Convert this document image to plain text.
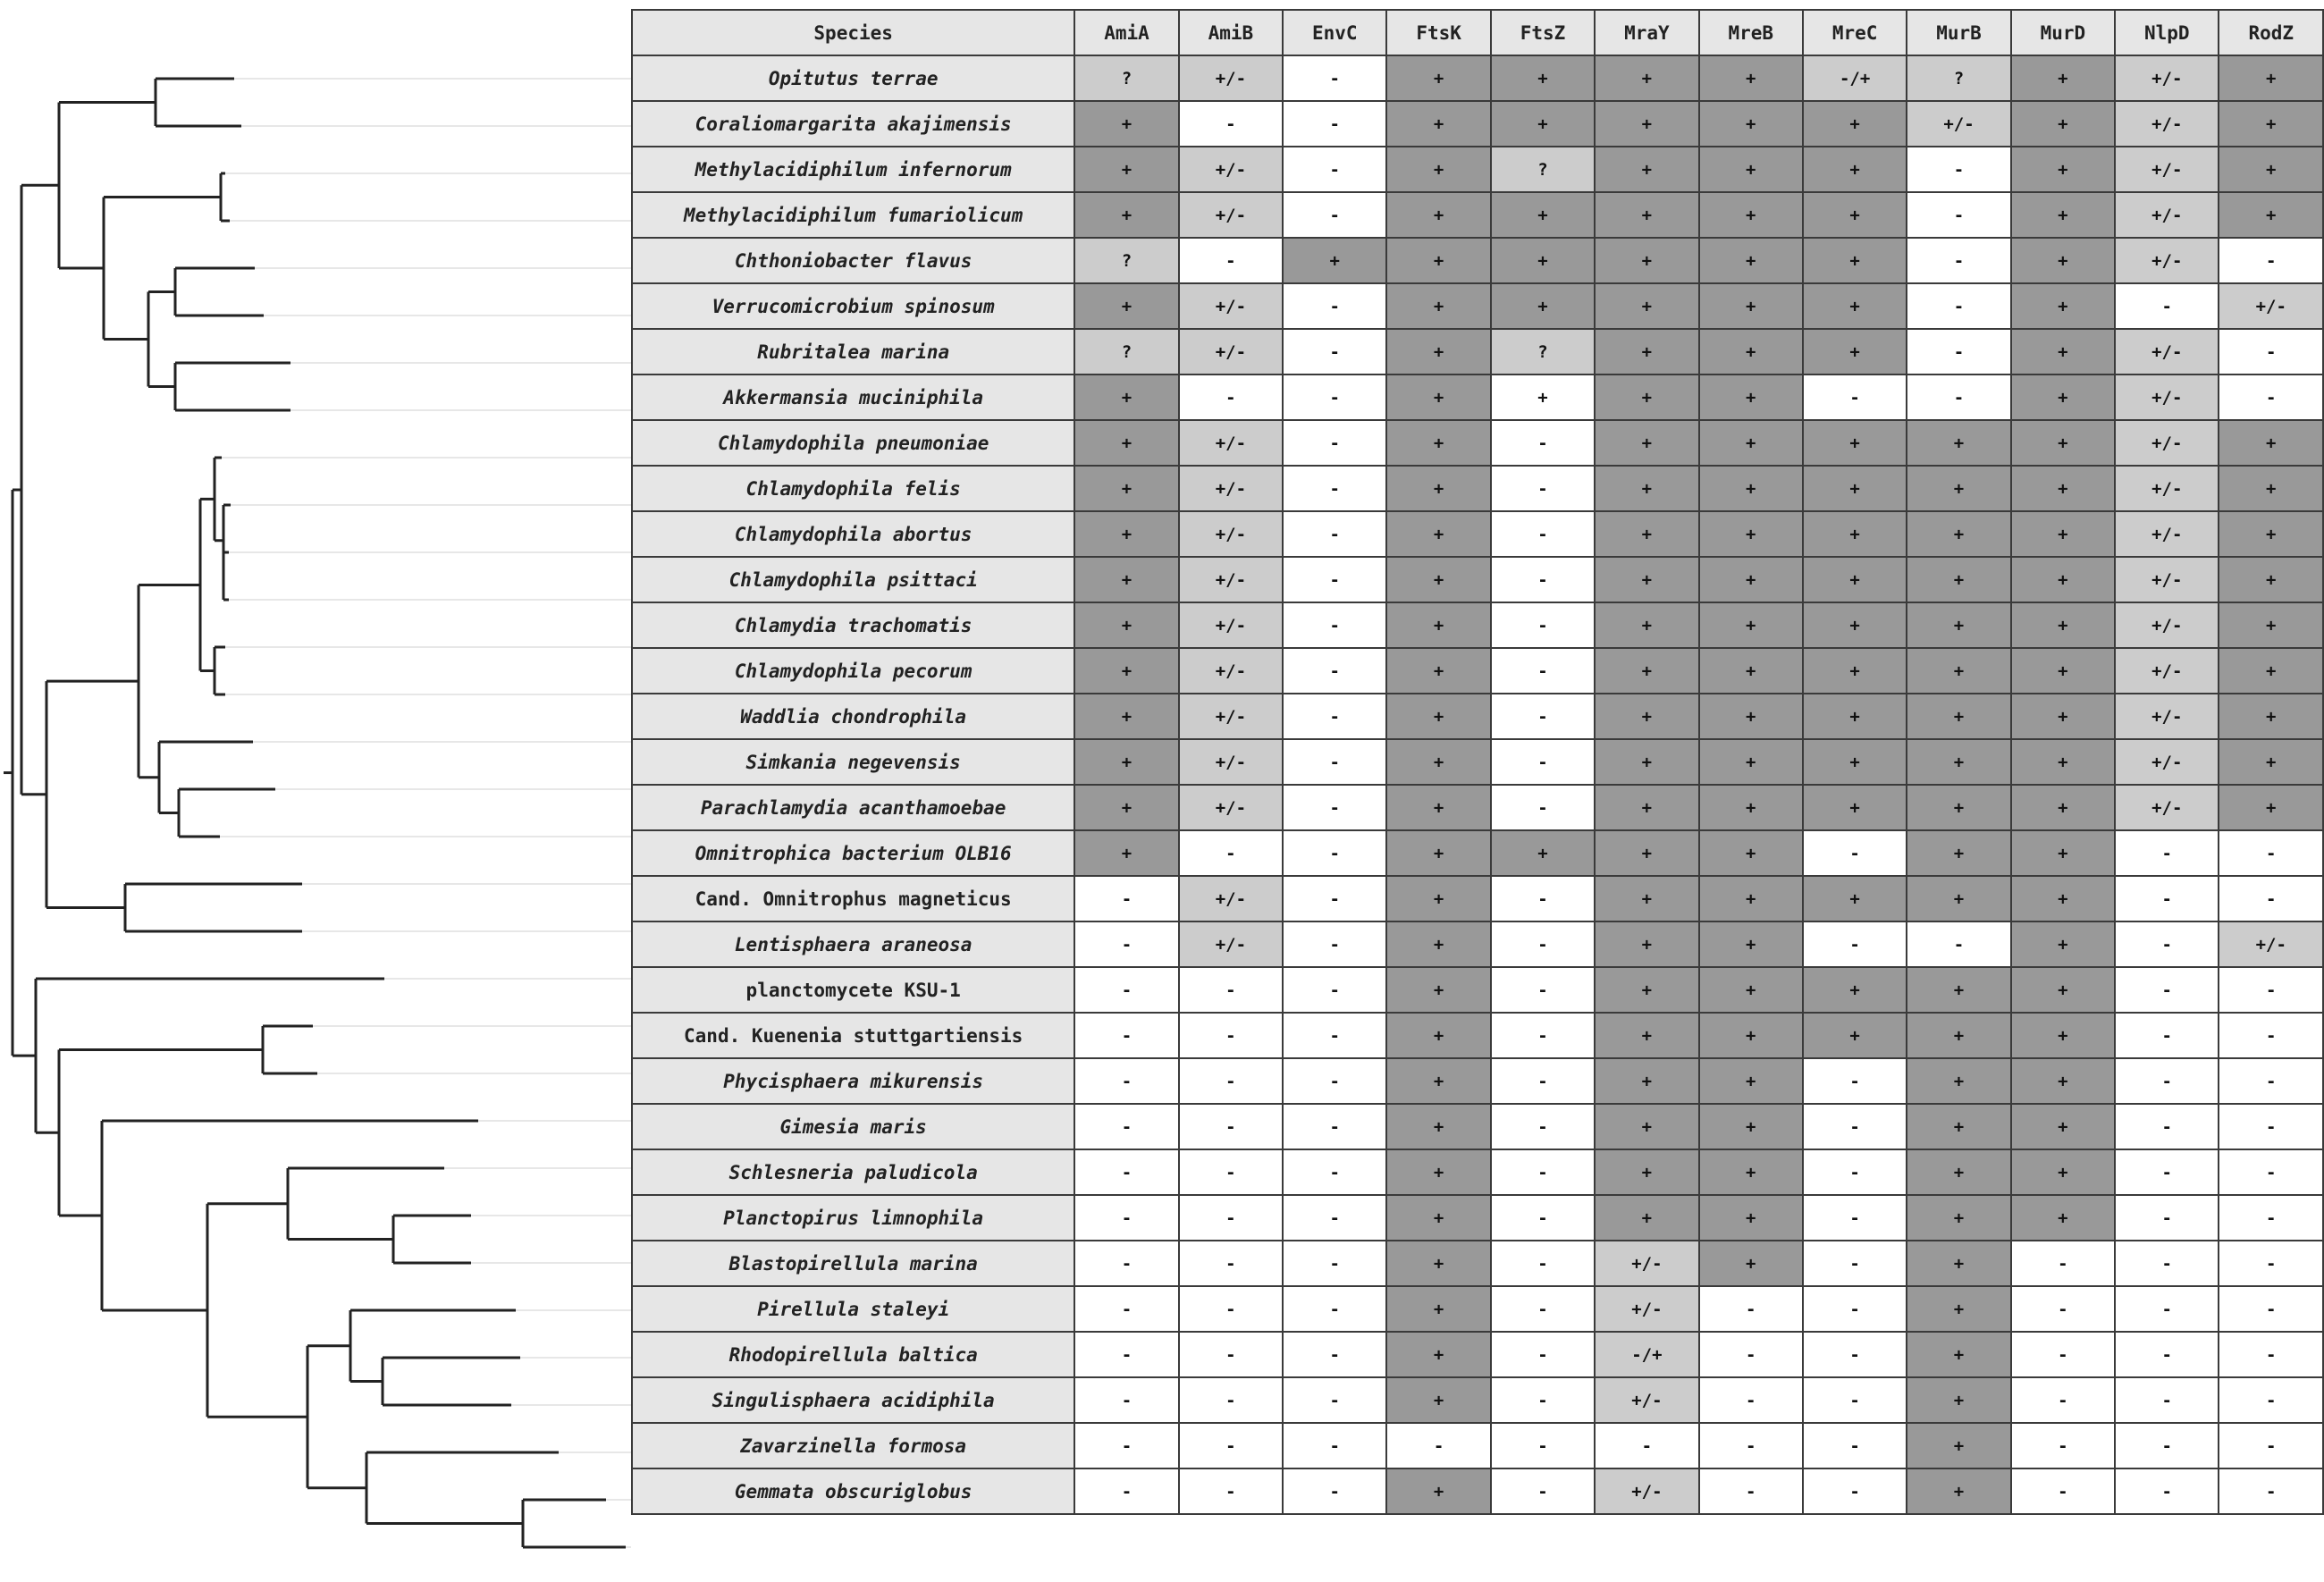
Species	AmiA	AmiB	EnvC	FtsK	FtsZ	MraY	MreB	MreC	MurB	MurD	NlpD	RodZ
Opitutus terrae	?	+/-	-	+	+	+	+	-/+	?	+	+/-	+
Coraliomargarita akajimensis	+	-	-	+	+	+	+	+	+/-	+	+/-	+
Methylacidiphilum infernorum	+	+/-	-	+	?	+	+	+	-	+	+/-	+
Methylacidiphilum fumariolicum	+	+/-	-	+	+	+	+	+	-	+	+/-	+
Chthoniobacter flavus	?	-	+	+	+	+	+	+	-	+	+/-	-
Verrucomicrobium spinosum	+	+/-	-	+	+	+	+	+	-	+	-	+/-
Rubritalea marina	?	+/-	-	+	?	+	+	+	-	+	+/-	-
Akkermansia muciniphila	+	-	-	+	+	+	+	-	-	+	+/-	-
Chlamydophila pneumoniae	+	+/-	-	+	-	+	+	+	+	+	+/-	+
Chlamydophila felis	+	+/-	-	+	-	+	+	+	+	+	+/-	+
Chlamydophila abortus	+	+/-	-	+	-	+	+	+	+	+	+/-	+
Chlamydophila psittaci	+	+/-	-	+	-	+	+	+	+	+	+/-	+
Chlamydia trachomatis	+	+/-	-	+	-	+	+	+	+	+	+/-	+
Chlamydophila pecorum	+	+/-	-	+	-	+	+	+	+	+	+/-	+
Waddlia chondrophila	+	+/-	-	+	-	+	+	+	+	+	+/-	+
Simkania negevensis	+	+/-	-	+	-	+	+	+	+	+	+/-	+
Parachlamydia acanthamoebae	+	+/-	-	+	-	+	+	+	+	+	+/-	+
Omnitrophica bacterium OLB16	+	-	-	+	+	+	+	-	+	+	-	-
Cand. Omnitrophus magneticus	-	+/-	-	+	-	+	+	+	+	+	-	-
Lentisphaera araneosa	-	+/-	-	+	-	+	+	-	-	+	-	+/-
planctomycete KSU-1	-	-	-	+	-	+	+	+	+	+	-	-
Cand. Kuenenia stuttgartiensis	-	-	-	+	-	+	+	+	+	+	-	-
Phycisphaera mikurensis	-	-	-	+	-	+	+	-	+	+	-	-
Gimesia maris	-	-	-	+	-	+	+	-	+	+	-	-
Schlesneria paludicola	-	-	-	+	-	+	+	-	+	+	-	-
Planctopirus limnophila	-	-	-	+	-	+	+	-	+	+	-	-
Blastopirellula marina	-	-	-	+	-	+/-	+	-	+	-	-	-
Pirellula staleyi	-	-	-	+	-	+/-	-	-	+	-	-	-
Rhodopirellula baltica	-	-	-	+	-	-/+	-	-	+	-	-	-
Singulisphaera acidiphila	-	-	-	+	-	+/-	-	-	+	-	-	-
Zavarzinella formosa	-	-	-	-	-	-	-	-	+	-	-	-
Gemmata obscuriglobus	-	-	-	+	-	+/-	-	-	+	-	-	-
